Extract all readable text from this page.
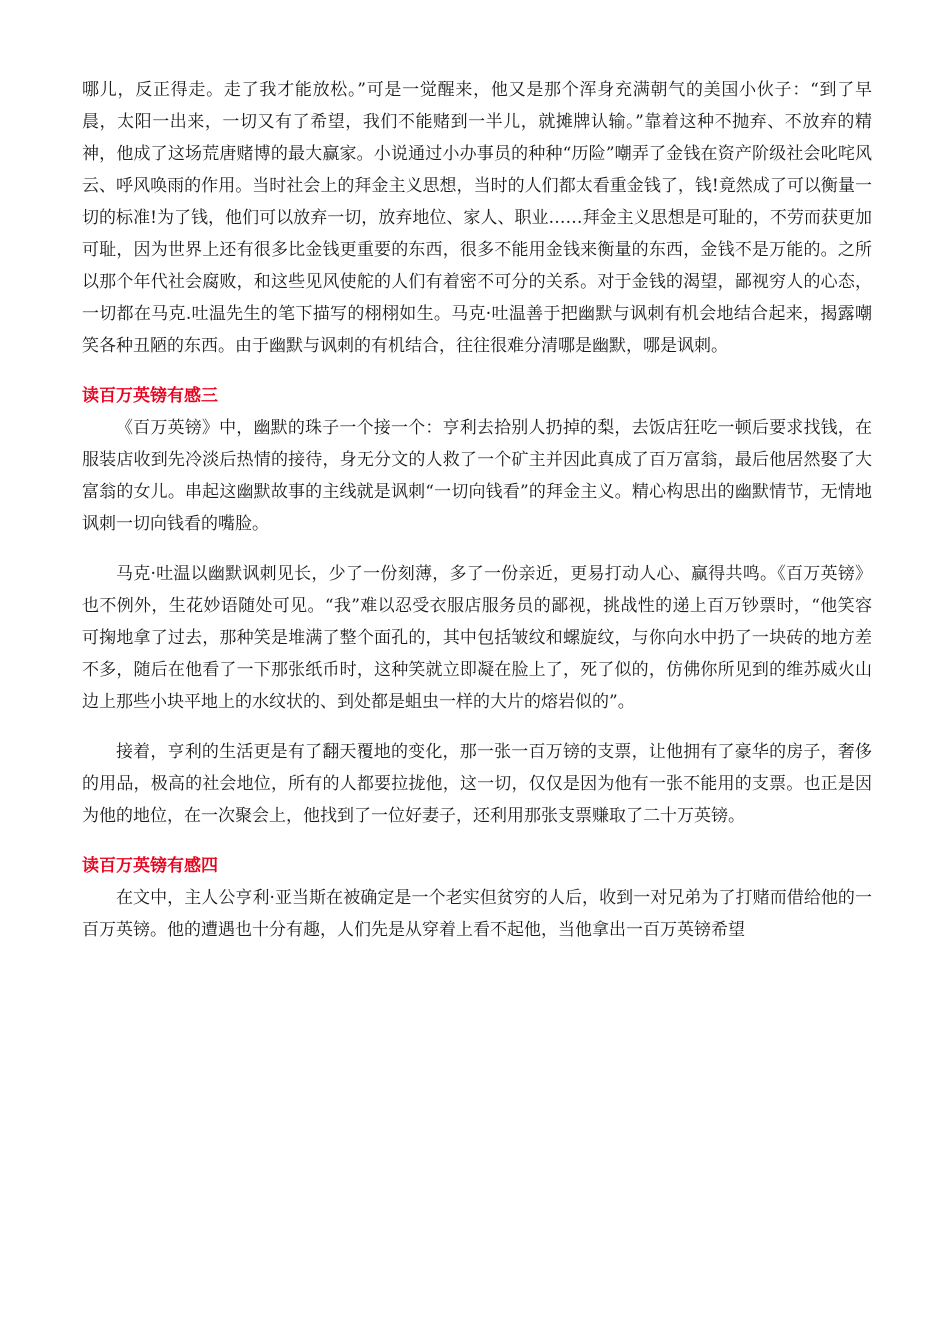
哪儿，反正得走。走了我才能放松。”可是一觉醒来，他又是那个浑身充满朝气的美国小伙子：“到了早晨，太阳一出来，一切又有了希望，我们不能赌到一半儿，就摊牌认输。”靠着这种不抛弃、不放弃的精神，他成了这场荒唐赌博的最大赢家。小说通过小办事员的种种“历险”嘲弄了金钱在资产阶级社会叱咤风云、呼风唤雨的作用。当时社会上的拜金主义思想，当时的人们都太看重金钱了，钱!竟然成了可以衡量一切的标准!为了钱，他们可以放弃一切，放弃地位、家人、职业……拜金主义思想是可耻的，不劳而获更加可耻，因为世界上还有很多比金钱更重要的东西，很多不能用金钱来衡量的东西，金钱不是万能的。之所以那个年代社会腐败，和这些见风使舵的人们有着密不可分的关系。对于金钱的渴望，鄙视穷人的心态，一切都在马克.吐温先生的笔下描写的栩栩如生。马克·吐温善于把幽默与讽刺有机会地结合起来，揭露嘲笑各种丑陋的东西。由于幽默与讽刺的有机结合，往往很难分清哪是幽默，哪是讽刺。

读百万英镑有感三

《百万英镑》中，幽默的珠子一个接一个：亨利去拾别人扔掉的梨，去饭店狂吃一顿后要求找钱，在服装店收到先冷淡后热情的接待，身无分文的人救了一个矿主并因此真成了百万富翁，最后他居然娶了大富翁的女儿。串起这幽默故事的主线就是讽刺“一切向钱看”的拜金主义。精心构思出的幽默情节，无情地讽刺一切向钱看的嘴脸。

马克·吐温以幽默讽刺见长，少了一份刻薄，多了一份亲近，更易打动人心、赢得共鸣。《百万英镑》也不例外，生花妙语随处可见。“我”难以忍受衣服店服务员的鄙视，挑战性的递上百万钞票时，“他笑容可掬地拿了过去，那种笑是堆满了整个面孔的，其中包括皱纹和螺旋纹，与你向水中扔了一块砖的地方差不多，随后在他看了一下那张纸币时，这种笑就立即凝在脸上了，死了似的，仿佛你所见到的维苏威火山边上那些小块平地上的水纹状的、到处都是蛆虫一样的大片的熔岩似的”。

接着，亨利的生活更是有了翻天覆地的变化，那一张一百万镑的支票，让他拥有了豪华的房子，奢侈的用品，极高的社会地位，所有的人都要拉拢他，这一切，仅仅是因为他有一张不能用的支票。也正是因为他的地位，在一次聚会上，他找到了一位好妻子，还利用那张支票赚取了二十万英镑。

读百万英镑有感四

在文中，主人公亨利·亚当斯在被确定是一个老实但贫穷的人后，收到一对兄弟为了打赌而借给他的一百万英镑。他的遭遇也十分有趣，人们先是从穿着上看不起他，当他拿出一百万英镑希望
